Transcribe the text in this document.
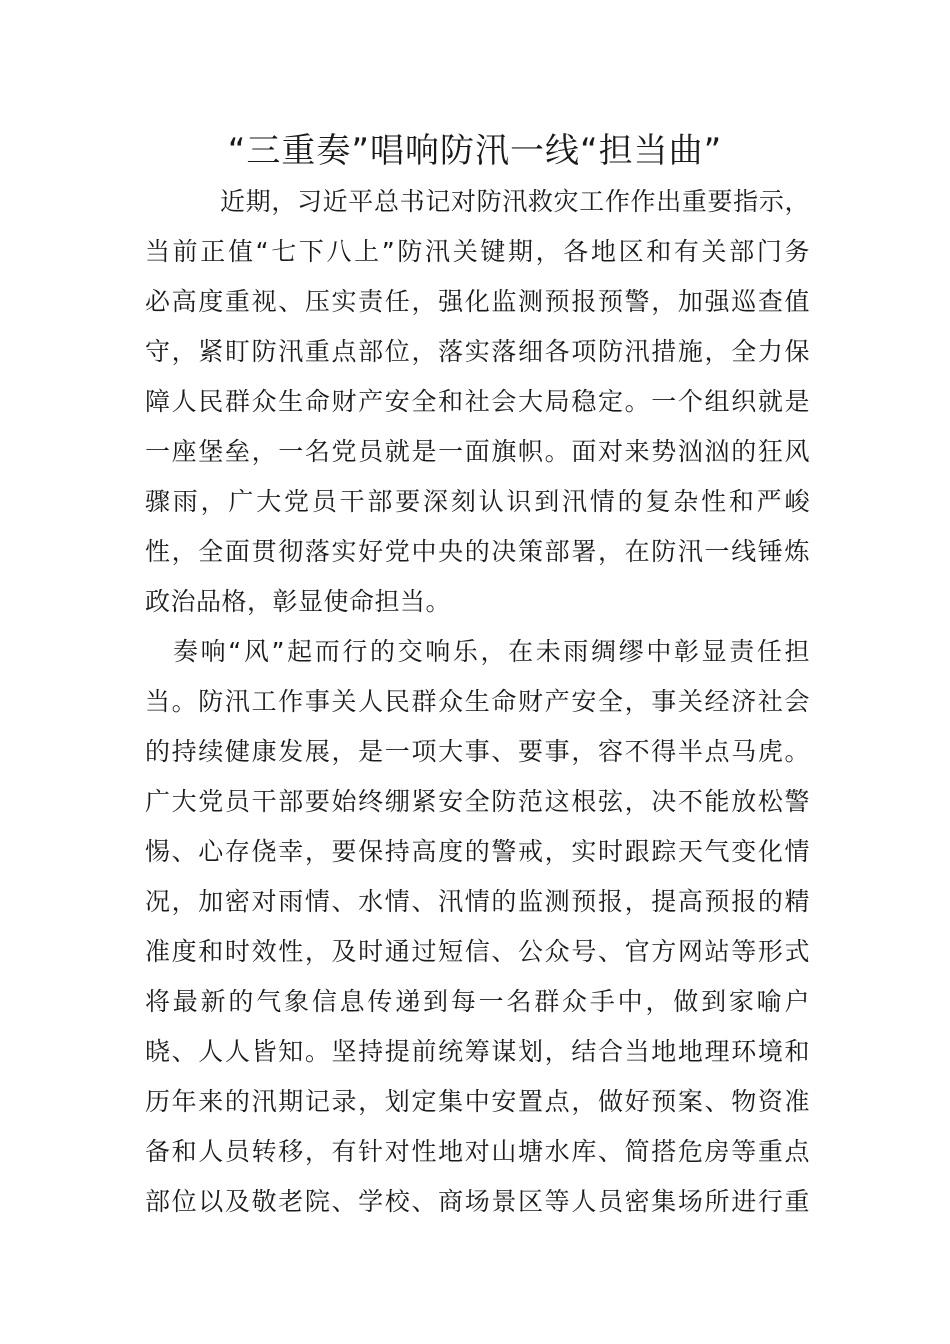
“三重奏”唱响防汛一线“担当曲”
近期，习近平总书记对防汛救灾工作作出重要指示，
当前正值“七下八上”防汛关键期，各地区和有关部门务
必高度重视、压实责任，强化监测预报预警，加强巡查值
守，紧盯防汛重点部位，落实落细各项防汛措施，全力保
障人民群众生命财产安全和社会大局稳定。一个组织就是
一座堡垒，一名党员就是一面旗帜。面对来势汹汹的狂风
骤雨，广大党员干部要深刻认识到汛情的复杂性和严峻
性，全面贯彻落实好党中央的决策部署，在防汛一线锤炼
政治品格，彰显使命担当。
奏响“风”起而行的交响乐，在未雨绸缪中彰显责任担
当。防汛工作事关人民群众生命财产安全，事关经济社会
的持续健康发展，是一项大事、要事，容不得半点马虎。
广大党员干部要始终绷紧安全防范这根弦，决不能放松警
惕、心存侥幸，要保持高度的警戒，实时跟踪天气变化情
况，加密对雨情、水情、汛情的监测预报，提高预报的精
准度和时效性，及时通过短信、公众号、官方网站等形式
将最新的气象信息传递到每一名群众手中，做到家喻户
晓、人人皆知。坚持提前统筹谋划，结合当地地理环境和
历年来的汛期记录，划定集中安置点，做好预案、物资准
备和人员转移，有针对性地对山塘水库、简搭危房等重点
部位以及敬老院、学校、商场景区等人员密集场所进行重
